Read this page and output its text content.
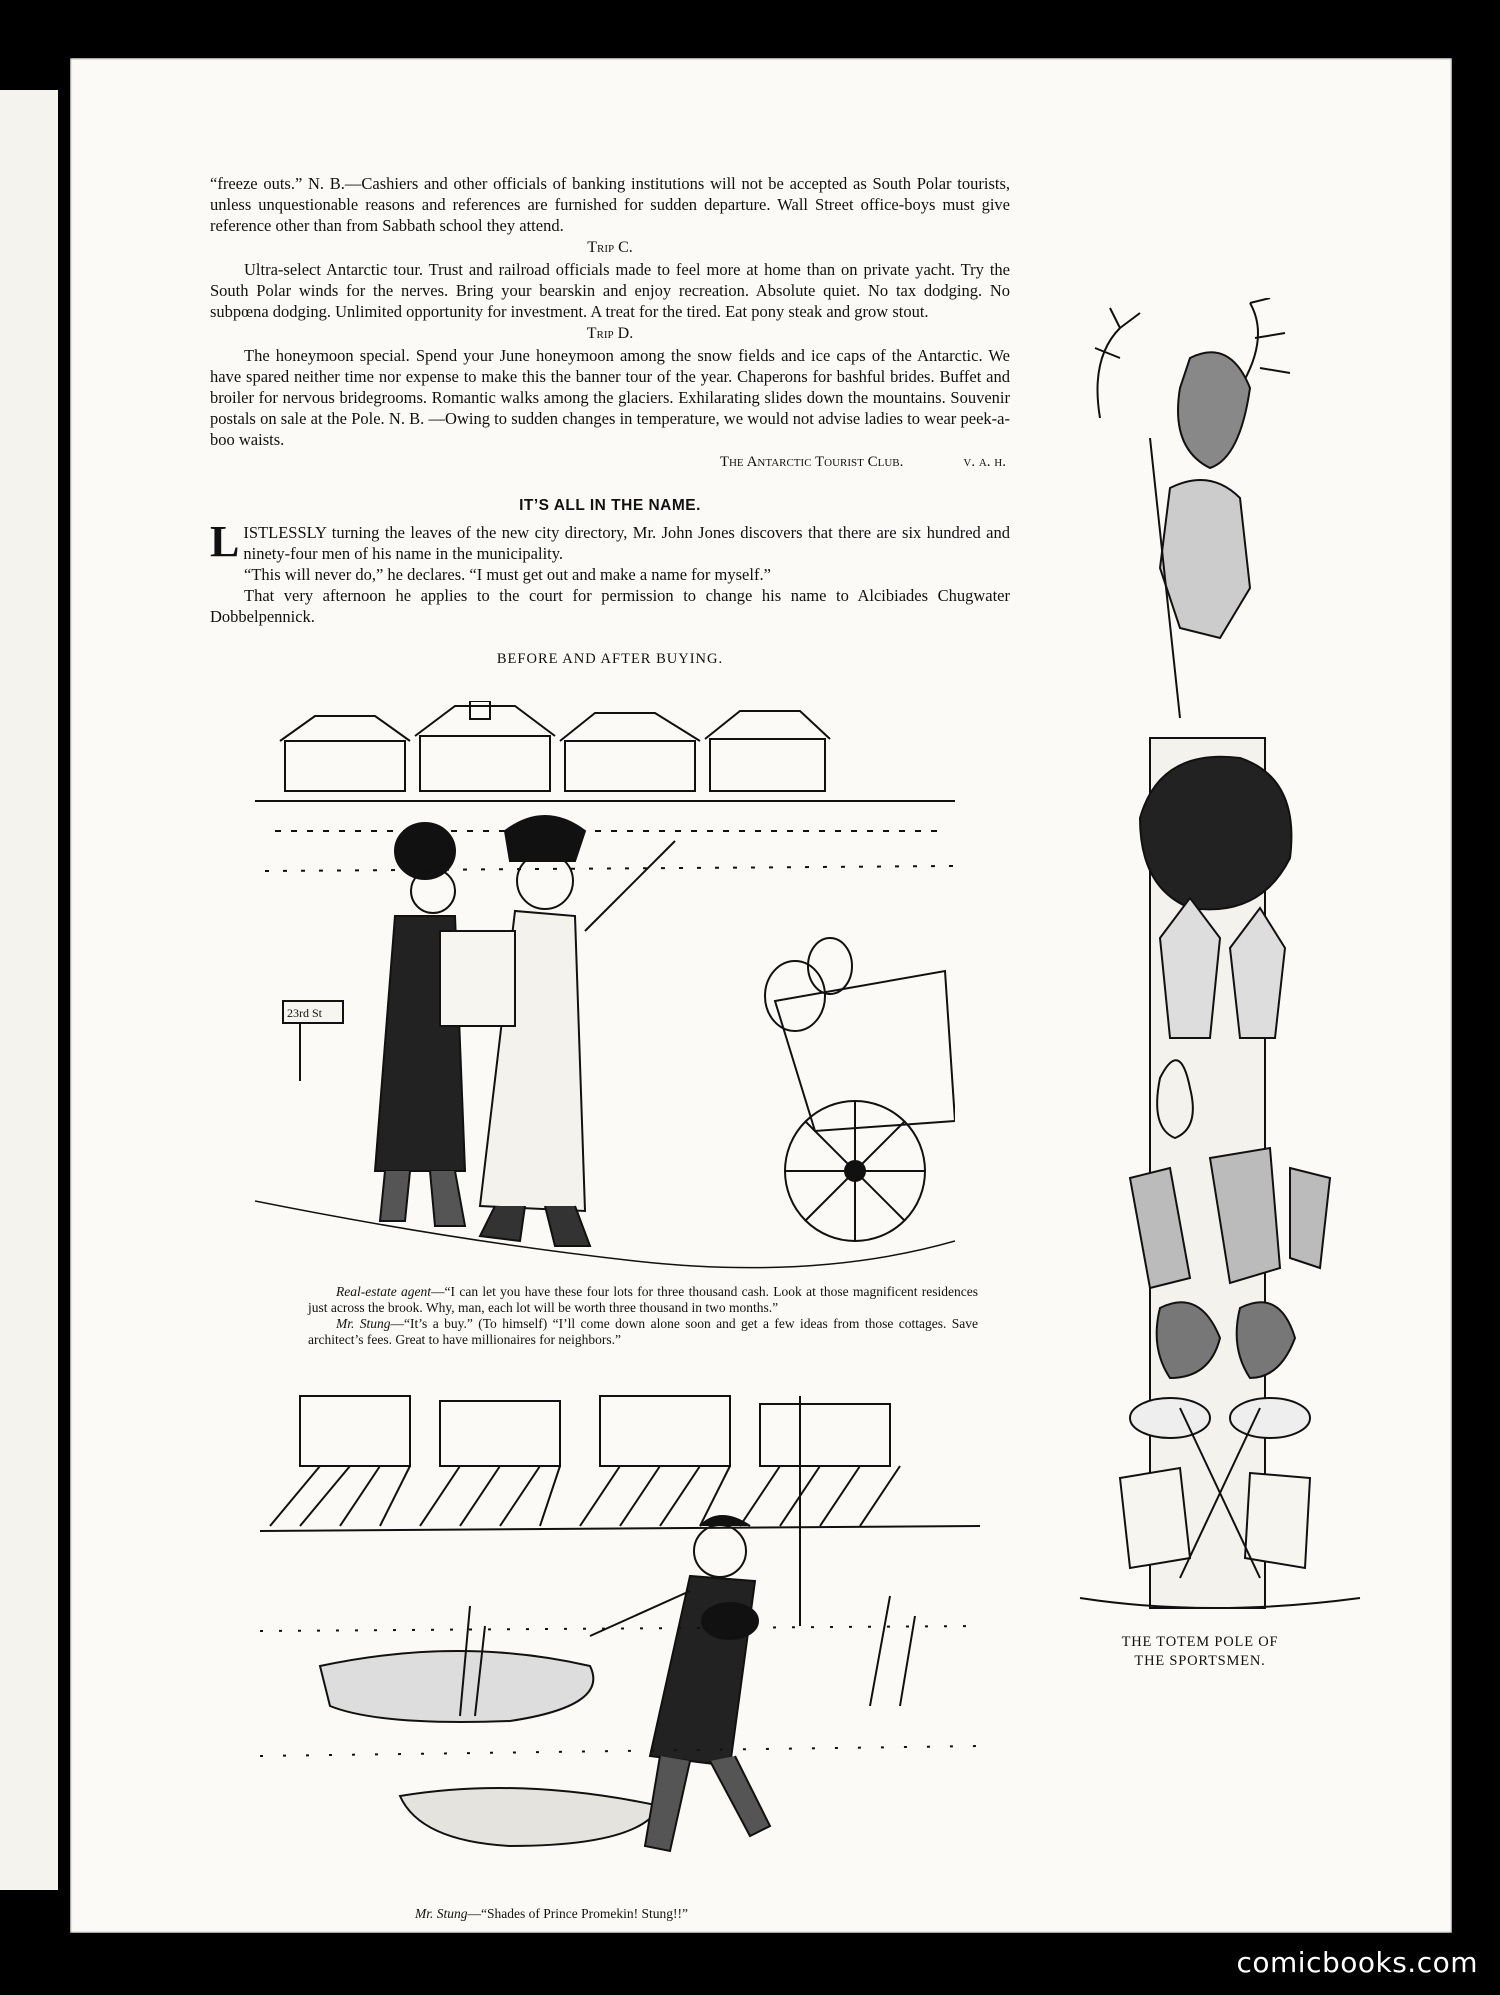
“freeze outs.” N. B.—Cashiers and other officials of banking institutions will not be accepted as South Polar tourists, unless unquestionable reasons and references are furnished for sudden departure. Wall Street office-boys must give reference other than from Sabbath school they attend.

Trip C.

Ultra-select Antarctic tour. Trust and railroad officials made to feel more at home than on private yacht. Try the South Polar winds for the nerves. Bring your bearskin and enjoy recreation. Absolute quiet. No tax dodging. No subpœna dodging. Unlimited opportunity for investment. A treat for the tired. Eat pony steak and grow stout.

Trip D.

The honeymoon special. Spend your June honeymoon among the snow fields and ice caps of the Antarctic. We have spared neither time nor expense to make this the banner tour of the year. Chaperons for bashful brides. Buffet and broiler for nervous bridegrooms. Romantic walks among the glaciers. Exhilarating slides down the mountains. Souvenir postals on sale at the Pole. N. B. —Owing to sudden changes in temperature, we would not advise ladies to wear peek-a-boo waists.

The Antarctic Tourist Club.	v. a. h.
IT’S ALL IN THE NAME.

LISTLESSLY turning the leaves of the new city directory, Mr. John Jones discovers that there are six hundred and ninety-four men of his name in the municipality.

“This will never do,” he declares. “I must get out and make a name for myself.”

That very afternoon he applies to the court for permission to change his name to Alcibiades Chugwater Dobbelpennick.

BEFORE AND AFTER BUYING.
23rd St

Real-estate agent—“I can let you have these four lots for three thousand cash. Look at those magnificent residences just across the brook. Why, man, each lot will be worth three thousand in two months.”

Mr. Stung—“It’s a buy.” (To himself) “I’ll come down alone soon and get a few ideas from those cottages. Save architect’s fees. Great to have millionaires for neighbors.”

Mr. Stung—“Shades of Prince Promekin! Stung!!”
THE TOTEM POLE OF
THE SPORTSMEN.
comicbooks.com
